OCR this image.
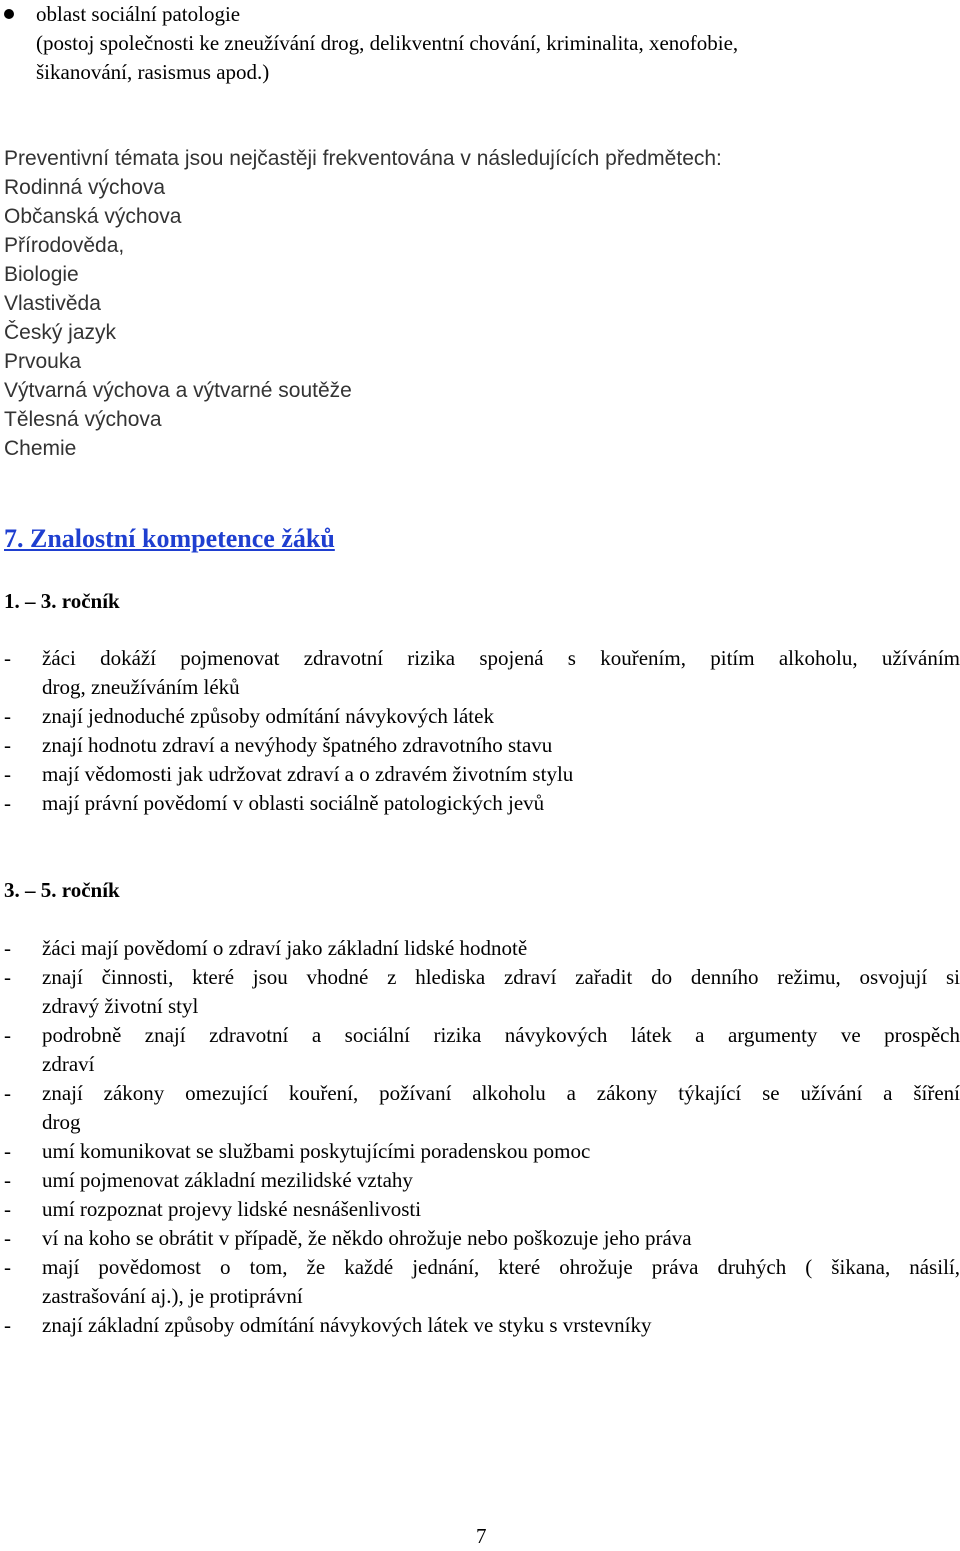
oblast sociální patologie
(postoj společnosti ke zneužívání drog, delikventní chování, kriminalita, xenofobie,
šikanování, rasismus apod.)
Preventivní témata jsou nejčastěji frekventována v následujících předmětech:
Rodinná výchova
Občanská výchova
Přírodověda,
Biologie
Vlastivěda
Český jazyk
Prvouka
Výtvarná výchova a výtvarné soutěže
Tělesná výchova
Chemie
7. Znalostní kompetence žáků
1. – 3. ročník
-	žáci dokáží pojmenovat zdravotní rizika spojená s kouřením, pitím alkoholu, užíváním
drog, zneužíváním léků
-	znají jednoduché způsoby odmítání návykových látek
-	znají hodnotu zdraví a nevýhody špatného zdravotního stavu
-	mají vědomosti jak udržovat zdraví a o zdravém životním stylu
-	mají právní povědomí v oblasti sociálně patologických jevů
3. – 5. ročník
-	žáci mají povědomí o zdraví jako základní lidské hodnotě
-	znají činnosti, které jsou vhodné z hlediska zdraví zařadit do denního režimu, osvojují si
zdravý životní styl
-	podrobně znají zdravotní a sociální rizika návykových látek a argumenty ve prospěch
zdraví
-	znají zákony omezující kouření, požívaní alkoholu a zákony týkající se užívání a šíření
drog
-	umí komunikovat se službami poskytujícími poradenskou pomoc
-	umí pojmenovat základní mezilidské vztahy
-	umí rozpoznat projevy lidské nesnášenlivosti
-	ví na koho se obrátit v případě, že někdo ohrožuje nebo poškozuje jeho práva
-	mají povědomost o tom, že každé jednání, které ohrožuje práva druhých ( šikana, násilí,
zastrašování aj.), je protiprávní
-	znají základní způsoby odmítání návykových látek ve styku s vrstevníky
7
